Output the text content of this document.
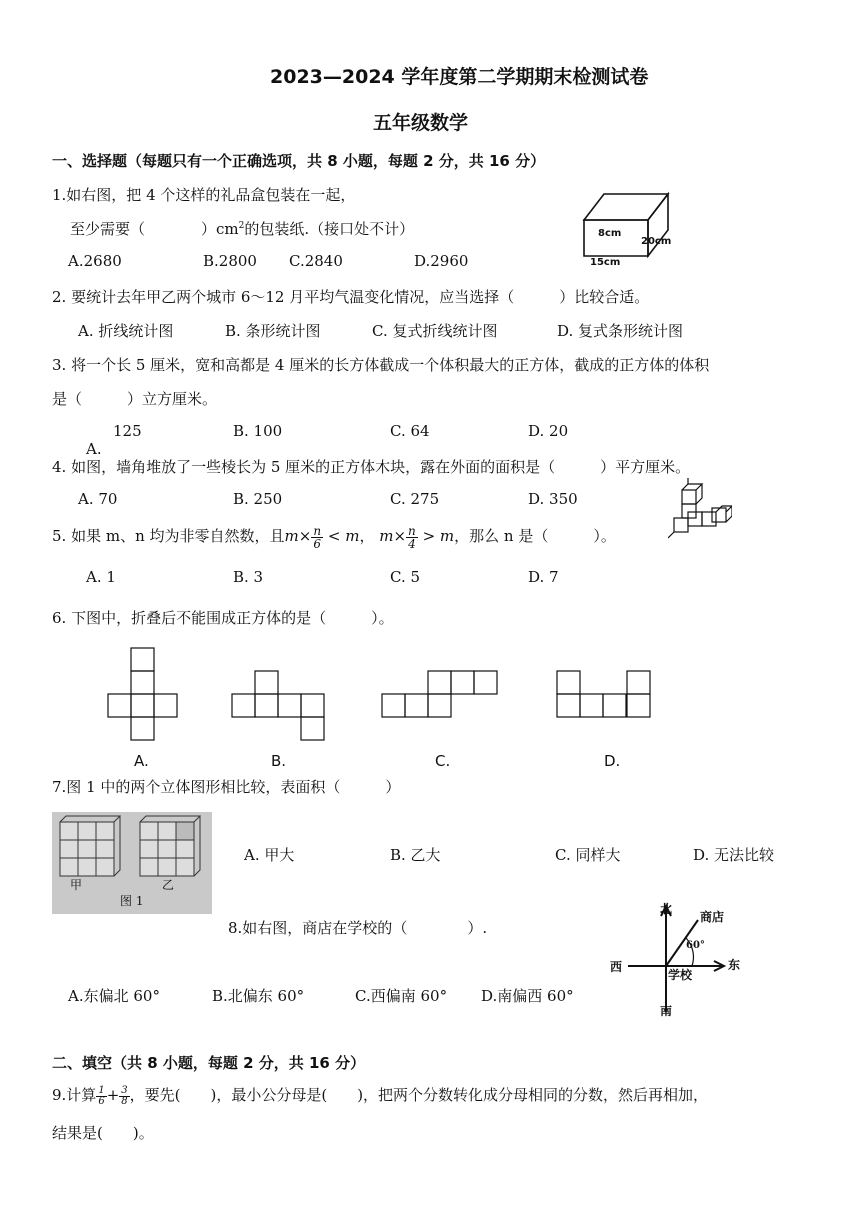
2023—2024 学年度第二学期期末检测试卷
五年级数学
一、选择题（每题只有一个正确选项，共 8 小题，每题 2 分，共 16 分）
1.如右图，把 4 个这样的礼品盒包装在一起，
至少需要（	）$cm^2$的包装纸.（接口处不计）
A.2680	B.2800 C.2840	D.2960
8cm
20cm
15cm
2. 要统计去年甲乙两个城市 6～12 月平均气温变化情况，应当选择（　　　）比较合适。
A. 折线统计图	B. 条形统计图	C. 复式折线统计图	D. 复式条形统计图
3. 将一个长 5 厘米，宽和高都是 4 厘米的长方体截成一个体积最大的正方体，截成的正方体的体积
是（　　　）立方厘米。
125
A.
B. 100	C. 64	D. 20
4. 如图，墙角堆放了一些棱长为 5 厘米的正方体木块，露在外面的面积是（　　　）平方厘米。
A. 70	B. 250	C. 275	D. 350
5. 如果 m、n 均为非零自然数，且$m\times \frac{n}{6} < m$， $m\times \frac{n}{4} > m$，那么 n 是（　　　）。
A. 1	B. 3	C. 5	D. 7
6. 下图中，折叠后不能围成正方体的是（　　　）。
A.	B.	C.	D.
7.图 1 中的两个立体图形相比较，表面积（　　　）
甲	乙
图 1
A. 甲大	B. 乙大	C. 同样大	D. 无法比较
8.如右图，商店在学校的（　　　　）.
A.东偏北 60°	B.北偏东 60°	C.西偏南 60° D.南偏西 60°
北
商店
60°
西	东
学校
南
二、填空（共 8 小题，每题 2 分，共 16 分）
9.计算 $\frac{1}{6} + \frac{3}{8}$ ，要先(　　)，最小公分母是(　　)，把两个分数转化成分母相同的分数，然后再相加，
结果是(　　)。
